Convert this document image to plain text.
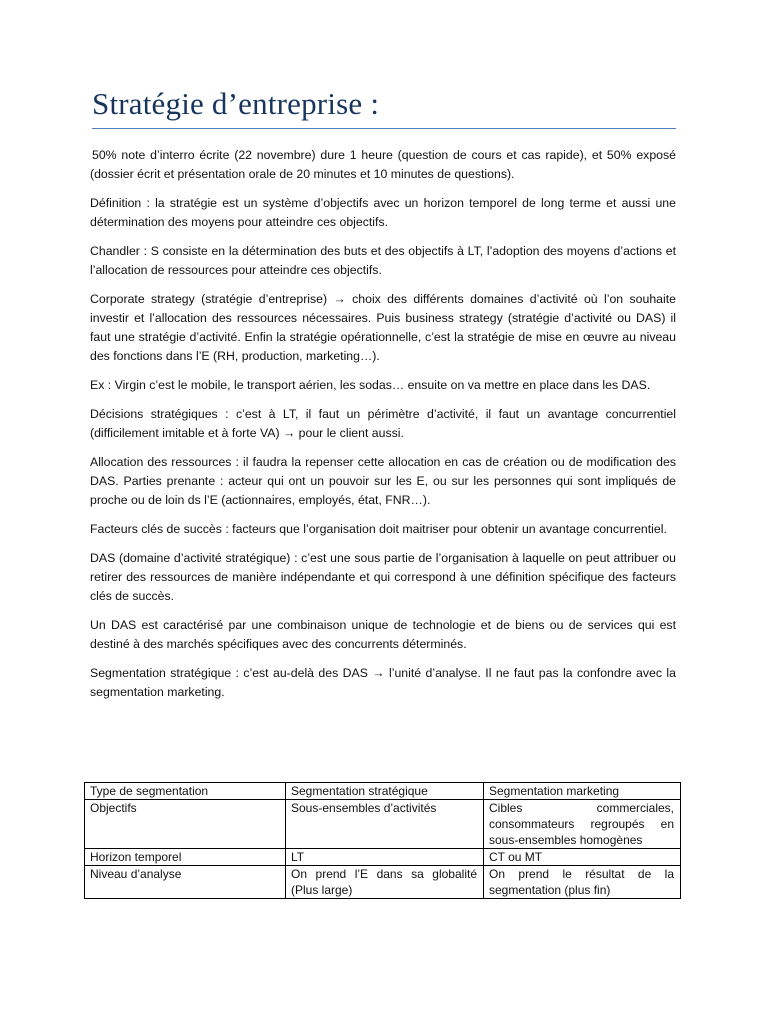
Stratégie d’entreprise :

50% note d’interro écrite (22 novembre) dure 1 heure (question de cours et cas rapide), et 50% exposé (dossier écrit et présentation orale de 20 minutes et 10 minutes de questions).

Définition : la stratégie est un système d’objectifs avec un horizon temporel de long terme et aussi une détermination des moyens pour atteindre ces objectifs.

Chandler : S consiste en la détermination des buts et des objectifs à LT, l’adoption des moyens d’actions et l’allocation de ressources pour atteindre ces objectifs.

Corporate strategy (stratégie d’entreprise) → choix des différents domaines d’activité où l’on souhaite investir et l’allocation des ressources nécessaires. Puis business strategy (stratégie d’activité ou DAS) il faut une stratégie d’activité. Enfin la stratégie opérationnelle, c’est la stratégie de mise en œuvre au niveau des fonctions dans l’E (RH, production, marketing…).

Ex : Virgin c’est le mobile, le transport aérien, les sodas… ensuite on va mettre en place dans les DAS.

Décisions stratégiques : c’est à LT, il faut un périmètre d’activité, il faut un avantage concurrentiel (difficilement imitable et à forte VA) → pour le client aussi.

Allocation des ressources : il faudra la repenser cette allocation en cas de création ou de modification des DAS. Parties prenante : acteur qui ont un pouvoir sur les E, ou sur les personnes qui sont impliqués de proche ou de loin ds l’E (actionnaires, employés, état, FNR…).

Facteurs clés de succès : facteurs que l’organisation doit maitriser pour obtenir un avantage concurrentiel.

DAS (domaine d’activité stratégique) : c’est une sous partie de l’organisation à laquelle on peut attribuer ou retirer des ressources de manière indépendante et qui correspond à une définition spécifique des facteurs clés de succès.

Un DAS est caractérisé par une combinaison unique de technologie et de biens ou de services qui est destiné à des marchés spécifiques avec des concurrents déterminés.

Segmentation stratégique : c’est au-delà des DAS → l’unité d’analyse. Il ne faut pas la confondre avec la segmentation marketing.

Type de segmentation	Segmentation stratégique	Segmentation marketing
Objectifs	Sous-ensembles d’activités	Cibles commerciales, consommateurs regroupés en sous-ensembles homogènes
Horizon temporel	LT	CT ou MT
Niveau d’analyse	On prend l’E dans sa globalité (Plus large)	On prend le résultat de la segmentation (plus fin)
